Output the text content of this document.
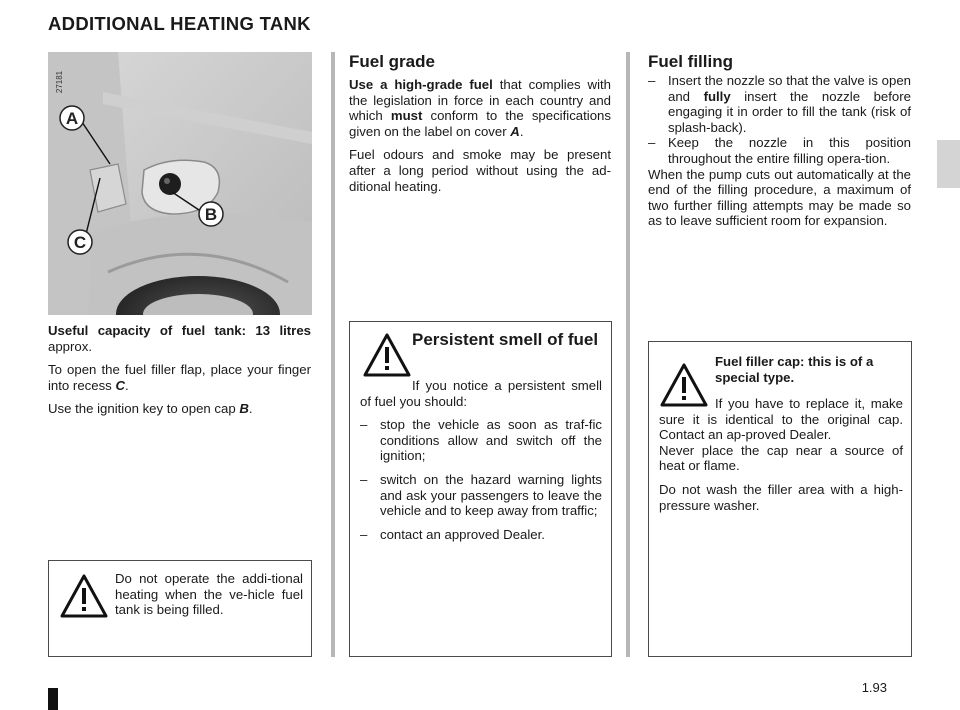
ADDITIONAL HEATING TANK
A
B
C
27181

Useful capacity of fuel tank: 13 litres approx.

To open the fuel filler flap, place your finger into recess C.

Use the ignition key to open cap B.

Do not operate the addi-tional heating when the ve-hicle fuel tank is being filled.
Fuel grade

Use a high-grade fuel that complies with the legislation in force in each country and which must conform to the specifications given on the label on cover A.

Fuel odours and smoke may be present after a long period without using the ad-ditional heating.

Persistent smell of fuel

If you notice a persistent smell of fuel you should:

– stop the vehicle as soon as traf-fic conditions allow and switch off the ignition;
– switch on the hazard warning lights and ask your passengers to leave the vehicle and to keep away from traffic;
– contact an approved Dealer.
Fuel filling
– Insert the nozzle so that the valve is open and fully insert the nozzle before engaging it in order to fill the tank (risk of splash-back).
– Keep the nozzle in this position throughout the entire filling opera-tion.

When the pump cuts out automatically at the end of the filling procedure, a maximum of two further filling attempts may be made so as to leave sufficient room for expansion.

Fuel filler cap: this is of a special type.

If you have to replace it, make sure it is identical to the original cap. Contact an ap-proved Dealer.

Never place the cap near a source of heat or flame.

Do not wash the filler area with a high-pressure washer.

1.93
